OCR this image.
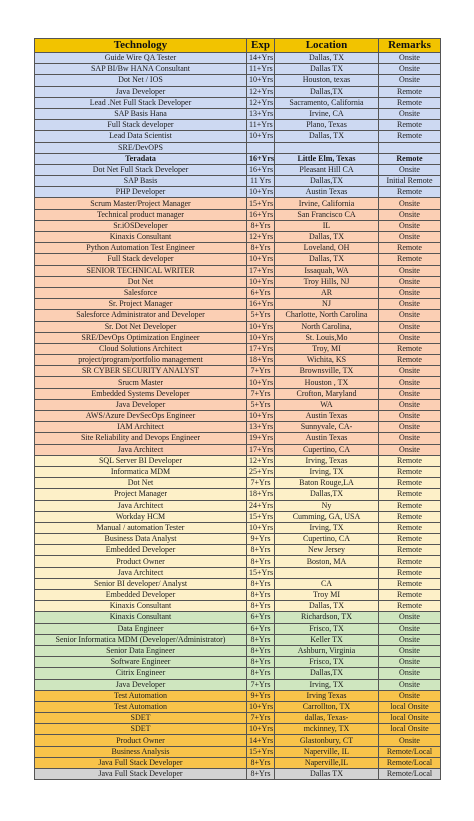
Technology	Exp	Location	Remarks
Guide Wire QA Tester	14+Yrs	Dallas, TX	Onsite
SAP BI/Bw HANA Consultant	11+Yrs	Dallas TX	Onsite
Dot Net / IOS	10+Yrs	Houston, texas	Onsite
Java Developer	12+Yrs	Dallas,TX	Remote
Lead .Net Full Stack Developer	12+Yrs	Sacramento, California	Remote
SAP Basis Hana	13+Yrs	Irvine, CA	Onsite
Full Stack developer	11+Yrs	Plano, Texas	Remote
Lead Data Scientist	10+Yrs	Dallas, TX	Remote
SRE/DevOPS			
Teradata	16+Yrs	Little Elm, Texas	Remote
Dot Net Full Stack Developer	16+Yrs	Pleasant Hill CA	Onsite
SAP Basis	11 Yrs	Dallas,TX	Initial Remote
PHP Developer	10+Yrs	Austin Texas	Remote
Scrum Master/Project Manager	15+Yrs	Irvine, California	Onsite
Technical product manager	16+Yrs	San Francisco CA	Onsite
Sr.iOSDeveloper	8+Yrs	IL	Onsite
Kinaxis Consultant	12+Yrs	Dallas, TX	Onsite
Python Automation Test Engineer	8+Yrs	Loveland, OH	Remote
Full Stack developer	10+Yrs	Dallas, TX	Remote
SENIOR TECHNICAL WRITER	17+Yrs	Issaquah, WA	Onsite
Dot Net	10+Yrs	Troy Hills, NJ	Onsite
Salesforce	6+Yrs	AR	Onsite
Sr. Project Manager	16+Yrs	NJ	Onsite
Salesforce Administrator and Developer	5+Yrs	Charlotte, North Carolina	Onsite
Sr. Dot Net Developer	10+Yrs	North Carolina,	Onsite
SRE/DevOps Optimization Engineer	10+Yrs	St. Louis,Mo	Onsite
Cloud Solutions Architect	17+Yrs	Troy, MI	Remote
project/program/portfolio management	18+Yrs	Wichita, KS	Remote
SR CYBER SECURITY ANALYST	7+Yrs	Brownsville, TX	Onsite
Srucm Master	10+Yrs	Houston , TX	Onsite
Embedded Systems Developer	7+Yrs	Crofton, Maryland	Onsite
Java Developer	5+Yrs	WA	Onsite
AWS/Azure DevSecOps Engineer	10+Yrs	Austin Texas	Onsite
IAM Architect	13+Yrs	Sunnyvale, CA-	Onsite
Site Reliability and Devops Engineer	19+Yrs	Austin Texas	Onsite
Java Architect	17+Yrs	Cupertino, CA	Onsite
SQL Server BI Developer	12+Yrs	Irving, Texas	Remote
Informatica MDM	25+Yrs	Irving, TX	Remote
Dot Net	7+Yrs	Baton Rouge,LA	Remote
Project Manager	18+Yrs	Dallas,TX	Remote
Java Architect	24+Yrs	Ny	Remote
Workday HCM	15+Yrs	Cumming, GA, USA	Remote
Manual / automation Tester	10+Yrs	Irving, TX	Remote
Business Data Analyst	9+Yrs	Cupertino, CA	Remote
Embedded Developer	8+Yrs	New Jersey	Remote
Product Owner	8+Yrs	Boston, MA	Remote
Java Architect	15+Yrs		Remote
Senior BI developer/ Analyst	8+Yrs	CA	Remote
Embedded Developer	8+Yrs	Troy MI	Remote
Kinaxis Consultant	8+Yrs	Dallas, TX	Remote
Kinaxis Consultant	6+Yrs	Richardson, TX	Onsite
Data Engineer	6+Yrs	Frisco, TX	Onsite
Senior Informatica MDM (Developer/Administrator)	8+Yrs	Keller TX	Onsite
Senior Data Engineer	8+Yrs	Ashburn, Virginia	Onsite
Software Engineer	8+Yrs	Frisco, TX	Onsite
Citrix Engineer	8+Yrs	Dallas,TX	Onsite
Java Developer	7+Yrs	Irving, TX	Onsite
Test Automation	9+Yrs	Irving Texas	Onsite
Test Automation	10+Yrs	Carrollton, TX	local Onsite
SDET	7+Yrs	dallas, Texas-	local Onsite
SDET	10+Yrs	mckinney, TX	local Onsite
Product Owner	14+Yrs	Glastonbury, CT	Onsite
Business Analysis	15+Yrs	Naperville, IL	Remote/Local
Java Full Stack Developer	8+Yrs	Naperville,IL	Remote/Local
Java Full Stack Developer	8+Yrs	Dallas TX	Remote/Local
